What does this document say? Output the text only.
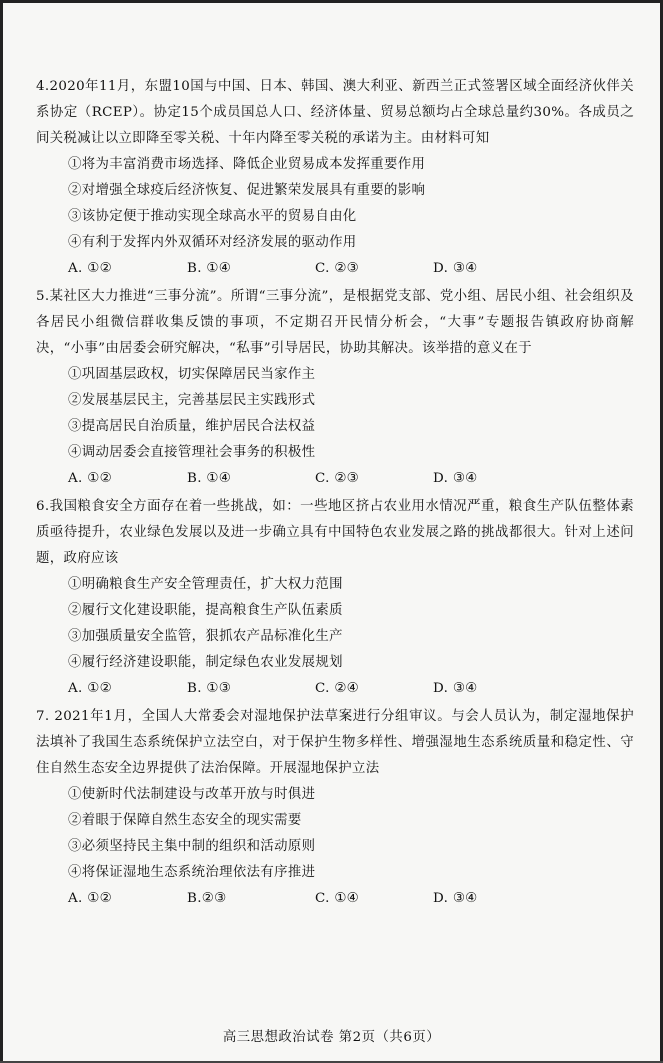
4.2020年11月，东盟10国与中国、日本、韩国、澳大利亚、新西兰正式签署区域全面经济伙伴关系协定（RCEP）。协定15个成员国总人口、经济体量、贸易总额均占全球总量约30%。各成员之间关税减让以立即降至零关税、十年内降至零关税的承诺为主。由材料可知

①将为丰富消费市场选择、降低企业贸易成本发挥重要作用

②对增强全球疫后经济恢复、促进繁荣发展具有重要的影响

③该协定便于推动实现全球高水平的贸易自由化

④有利于发挥内外双循环对经济发展的驱动作用

A. ①②	B. ①④	C. ②③	D. ③④

5.某社区大力推进“三事分流”。所谓“三事分流”，是根据党支部、党小组、居民小组、社会组织及各居民小组微信群收集反馈的事项，不定期召开民情分析会，“大事”专题报告镇政府协商解决，“小事”由居委会研究解决，“私事”引导居民，协助其解决。该举措的意义在于

①巩固基层政权，切实保障居民当家作主

②发展基层民主，完善基层民主实践形式

③提高居民自治质量，维护居民合法权益

④调动居委会直接管理社会事务的积极性

A. ①②	B. ①④	C. ②③	D. ③④

6.我国粮食安全方面存在着一些挑战，如：一些地区挤占农业用水情况严重，粮食生产队伍整体素质亟待提升，农业绿色发展以及进一步确立具有中国特色农业发展之路的挑战都很大。针对上述问题，政府应该

①明确粮食生产安全管理责任，扩大权力范围

②履行文化建设职能，提高粮食生产队伍素质

③加强质量安全监管，狠抓农产品标准化生产

④履行经济建设职能，制定绿色农业发展规划

A. ①②	B. ①③	C. ②④	D. ③④

7. 2021年1月，全国人大常委会对湿地保护法草案进行分组审议。与会人员认为，制定湿地保护法填补了我国生态系统保护立法空白，对于保护生物多样性、增强湿地生态系统质量和稳定性、守住自然生态安全边界提供了法治保障。开展湿地保护立法

①使新时代法制建设与改革开放与时俱进

②着眼于保障自然生态安全的现实需要

③必须坚持民主集中制的组织和活动原则

④将保证湿地生态系统治理依法有序推进

A. ①②	B.②③	C. ①④	D. ③④
高三思想政治试卷 第2页（共6页）
